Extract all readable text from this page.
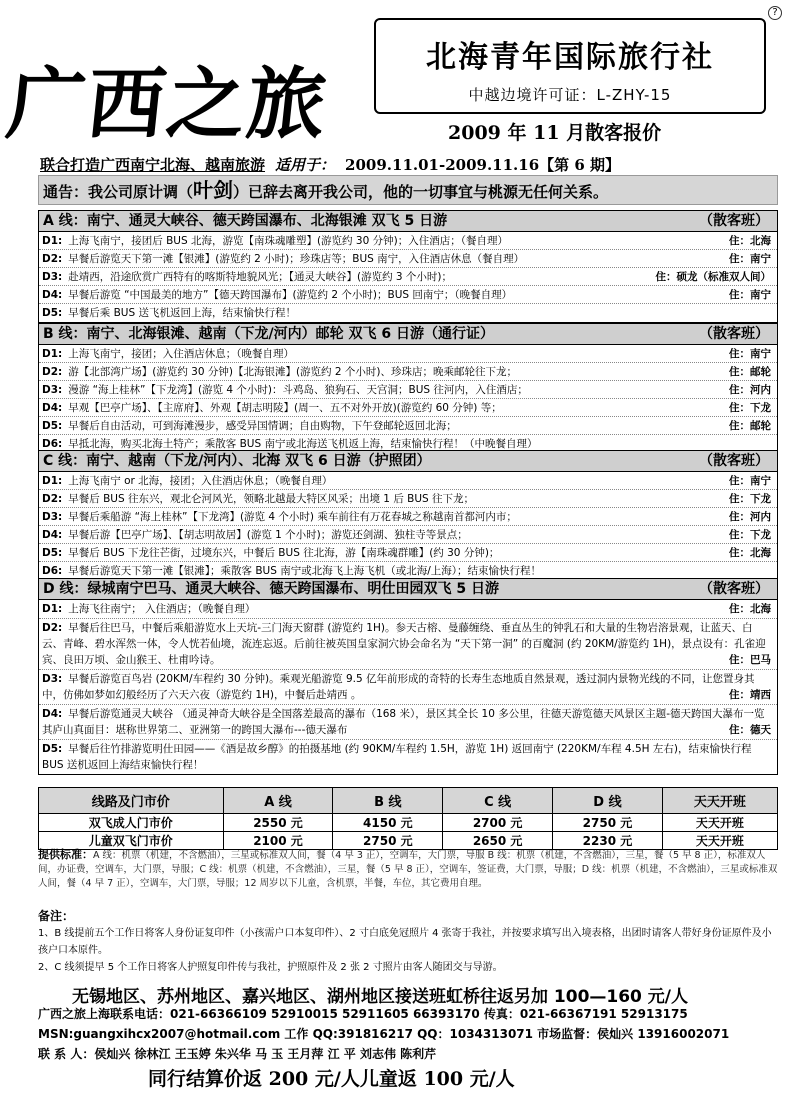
?
广西之旅
北海青年国际旅行社
中越边境许可证：L-ZHY-15
2009 年 11 月散客报价
联合打造广西南宁北海、越南旅游 适用于： 2009.11.01-2009.11.16【第 6 期】
通告：我公司原计调（叶剑）已辞去离开我公司，他的一切事宜与桃源无任何关系。
A 线：南宁、通灵大峡谷、德天跨国瀑布、北海银滩 双飞 5 日游	（散客班）
D1: 上海飞南宁，接团后 BUS 北海，游览【南珠魂雕塑】(游览约 30 分钟)；入住酒店；（餐自理）	住：北海
D2: 早餐后游览天下第一滩【银滩】(游览约 2 小时)；珍珠店等；BUS 南宁，入住酒店休息（餐自理）	住：南宁
D3: 赴靖西，沿途欣赏广西特有的喀斯特地貌风光；【通灵大峡谷】(游览约 3 个小时)；	住：硕龙（标准双人间）
D4: 早餐后游览 “中国最美的地方”【德天跨国瀑布】(游览约 2 个小时)；BUS 回南宁；（晚餐自理）	住：南宁
D5: 早餐后乘 BUS 送飞机返回上海，结束愉快行程！
B 线：南宁、北海银滩、越南（下龙/河内）邮轮 双飞 6 日游（通行证）	（散客班）
D1: 上海飞南宁，接团；入住酒店休息；（晚餐自理）	住：南宁
D2: 游【北部湾广场】(游览约 30 分钟)【北海银滩】(游览约 2 个小时)、珍珠店；晚乘邮轮往下龙；	住：邮轮
D3: 漫游 “海上桂林”【下龙湾】(游览 4 个小时)：斗鸡岛、狼狗石、天宫洞；BUS 往河内，入住酒店；	住：河内
D4: 早观【巴亭广场】、【主席府】、外观【胡志明陵】(周一、五不对外开放)(游览约 60 分钟) 等；	住：下龙
D5: 早餐后自由活动，可到海滩漫步，感受异国情调；自由购物，下午登邮轮返回北海；	住：邮轮
D6: 早抵北海，购买北海土特产；乘散客 BUS 南宁或北海送飞机返上海，结束愉快行程！（中晚餐自理）
C 线：南宁、越南（下龙/河内）、北海 双飞 6 日游（护照团）	（散客班）
D1: 上海飞南宁 or 北海，接团；入住酒店休息；（晚餐自理）	住：南宁
D2: 早餐后 BUS 往东兴，观北仑河风光，领略北越最大特区风采；出境 1 后 BUS 往下龙；	住：下龙
D3: 早餐后乘船游 “海上桂林”【下龙湾】(游览 4 个小时) 乘车前往有万花春城之称越南首都河内市；	住：河内
D4: 早餐后游【巴亭广场】、【胡志明故居】(游览 1 个小时)；游览还剑湖、独柱寺等景点；	住：下龙
D5: 早餐后 BUS 下龙往芒街，过境东兴，中餐后 BUS 往北海，游【南珠魂群雕】(约 30 分钟)；	住：北海
D6: 早餐后游览天下第一滩【银滩】；乘散客 BUS 南宁或北海飞上海飞机（或北海/上海）；结束愉快行程！
D 线：绿城南宁巴马、通灵大峡谷、德天跨国瀑布、明仕田园双飞 5 日游	（散客班）
D1: 上海飞往南宁； 入住酒店；（晚餐自理）	住：北海
D2: 早餐后往巴马，中餐后乘船游览水上天坑-三门海天窗群 (游览约 1H)。参天古榕、曼藤缠绕、垂直丛生的钟乳石和大量的生物岩溶景观，让蓝天、白云、青峰、碧水浑然一体，令人恍若仙境，流连忘返。后前往被英国皇家洞穴协会命名为 “天下第一洞” 的百魔洞 (约 20KM/游览约 1H)，景点设有：孔雀迎宾、良田万顷、金山猴王、杜甫吟诗。	住：巴马
D3: 早餐后游览百鸟岩 (20KM/车程约 30 分钟)。乘观光船游览 9.5 亿年前形成的奇特的长寿生态地质自然景观，透过洞内景物光线的不同，让您置身其中，仿佛如梦如幻般经历了六天六夜（游览约 1H)，中餐后赴靖西 。	住：靖西
D4: 早餐后游览通灵大峡谷 （通灵神奇大峡谷是全国落差最高的瀑布（168 米），景区其全长 10 多公里，往德天游览德天风景区主题-德天跨国大瀑布一览其庐山真面目：堪称世界第二、亚洲第一的跨国大瀑布---德天瀑布	住：德天
D5: 早餐后往竹排游览明仕田园——《酒是故乡醇》的拍摄基地 (约 90KM/车程约 1.5H，游览 1H) 返回南宁 (220KM/车程 4.5H 左右)，结束愉快行程 BUS 送机返回上海结束愉快行程！
线路及门市价	A 线	B 线	C 线	D 线	天天开班
双飞成人门市价	2550 元	4150 元	2700 元	2750 元	天天开班
儿童双飞门市价	2100 元	2750 元	2650 元	2230 元	天天开班
提供标准：A 线：机票（机建，不含燃油），三星或标准双人间，餐（4 早 3 正），空调车，大门票，导服 B 线：机票（机建，不含燃油），三星，餐（5 早 8 正），标准双人间，办证费，空调车，大门票，导服；C 线：机票（机建，不含燃油），三星，餐（5 早 8 正），空调车，签证费，大门票，导服；D 线：机票（机建，不含燃油），三星或标准双人间，餐（4 早 7 正），空调车，大门票，导服；12 周岁以下儿童，含机票，半餐，车位，其它费用自理。
备注：
1、B 线提前五个工作日将客人身份证复印件（小孩需户口本复印件）、2 寸白底免冠照片 4 张寄于我社，并按要求填写出入境表格，出团时请客人带好身份证原件及小孩户口本原件。
2、C 线须提早 5 个工作日将客人护照复印件传与我社，护照原件及 2 张 2 寸照片由客人随团交与导游。
无锡地区、苏州地区、嘉兴地区、湖州地区接送班虹桥往返另加 100—160 元/人
广西之旅上海联系电话：021-66366109 52910015 52911605 66393170 传真：021-66367191 52913175
MSN:guangxihcx2007@hotmail.com 工作 QQ:391816217 QQ：1034313071 市场监督：侯灿兴 13916002071
联 系 人：侯灿兴 徐林江 王玉婷 朱兴华 马 玉 王月萍 江 平 刘志伟 陈利芹
同行结算价返 200 元/人儿童返 100 元/人
